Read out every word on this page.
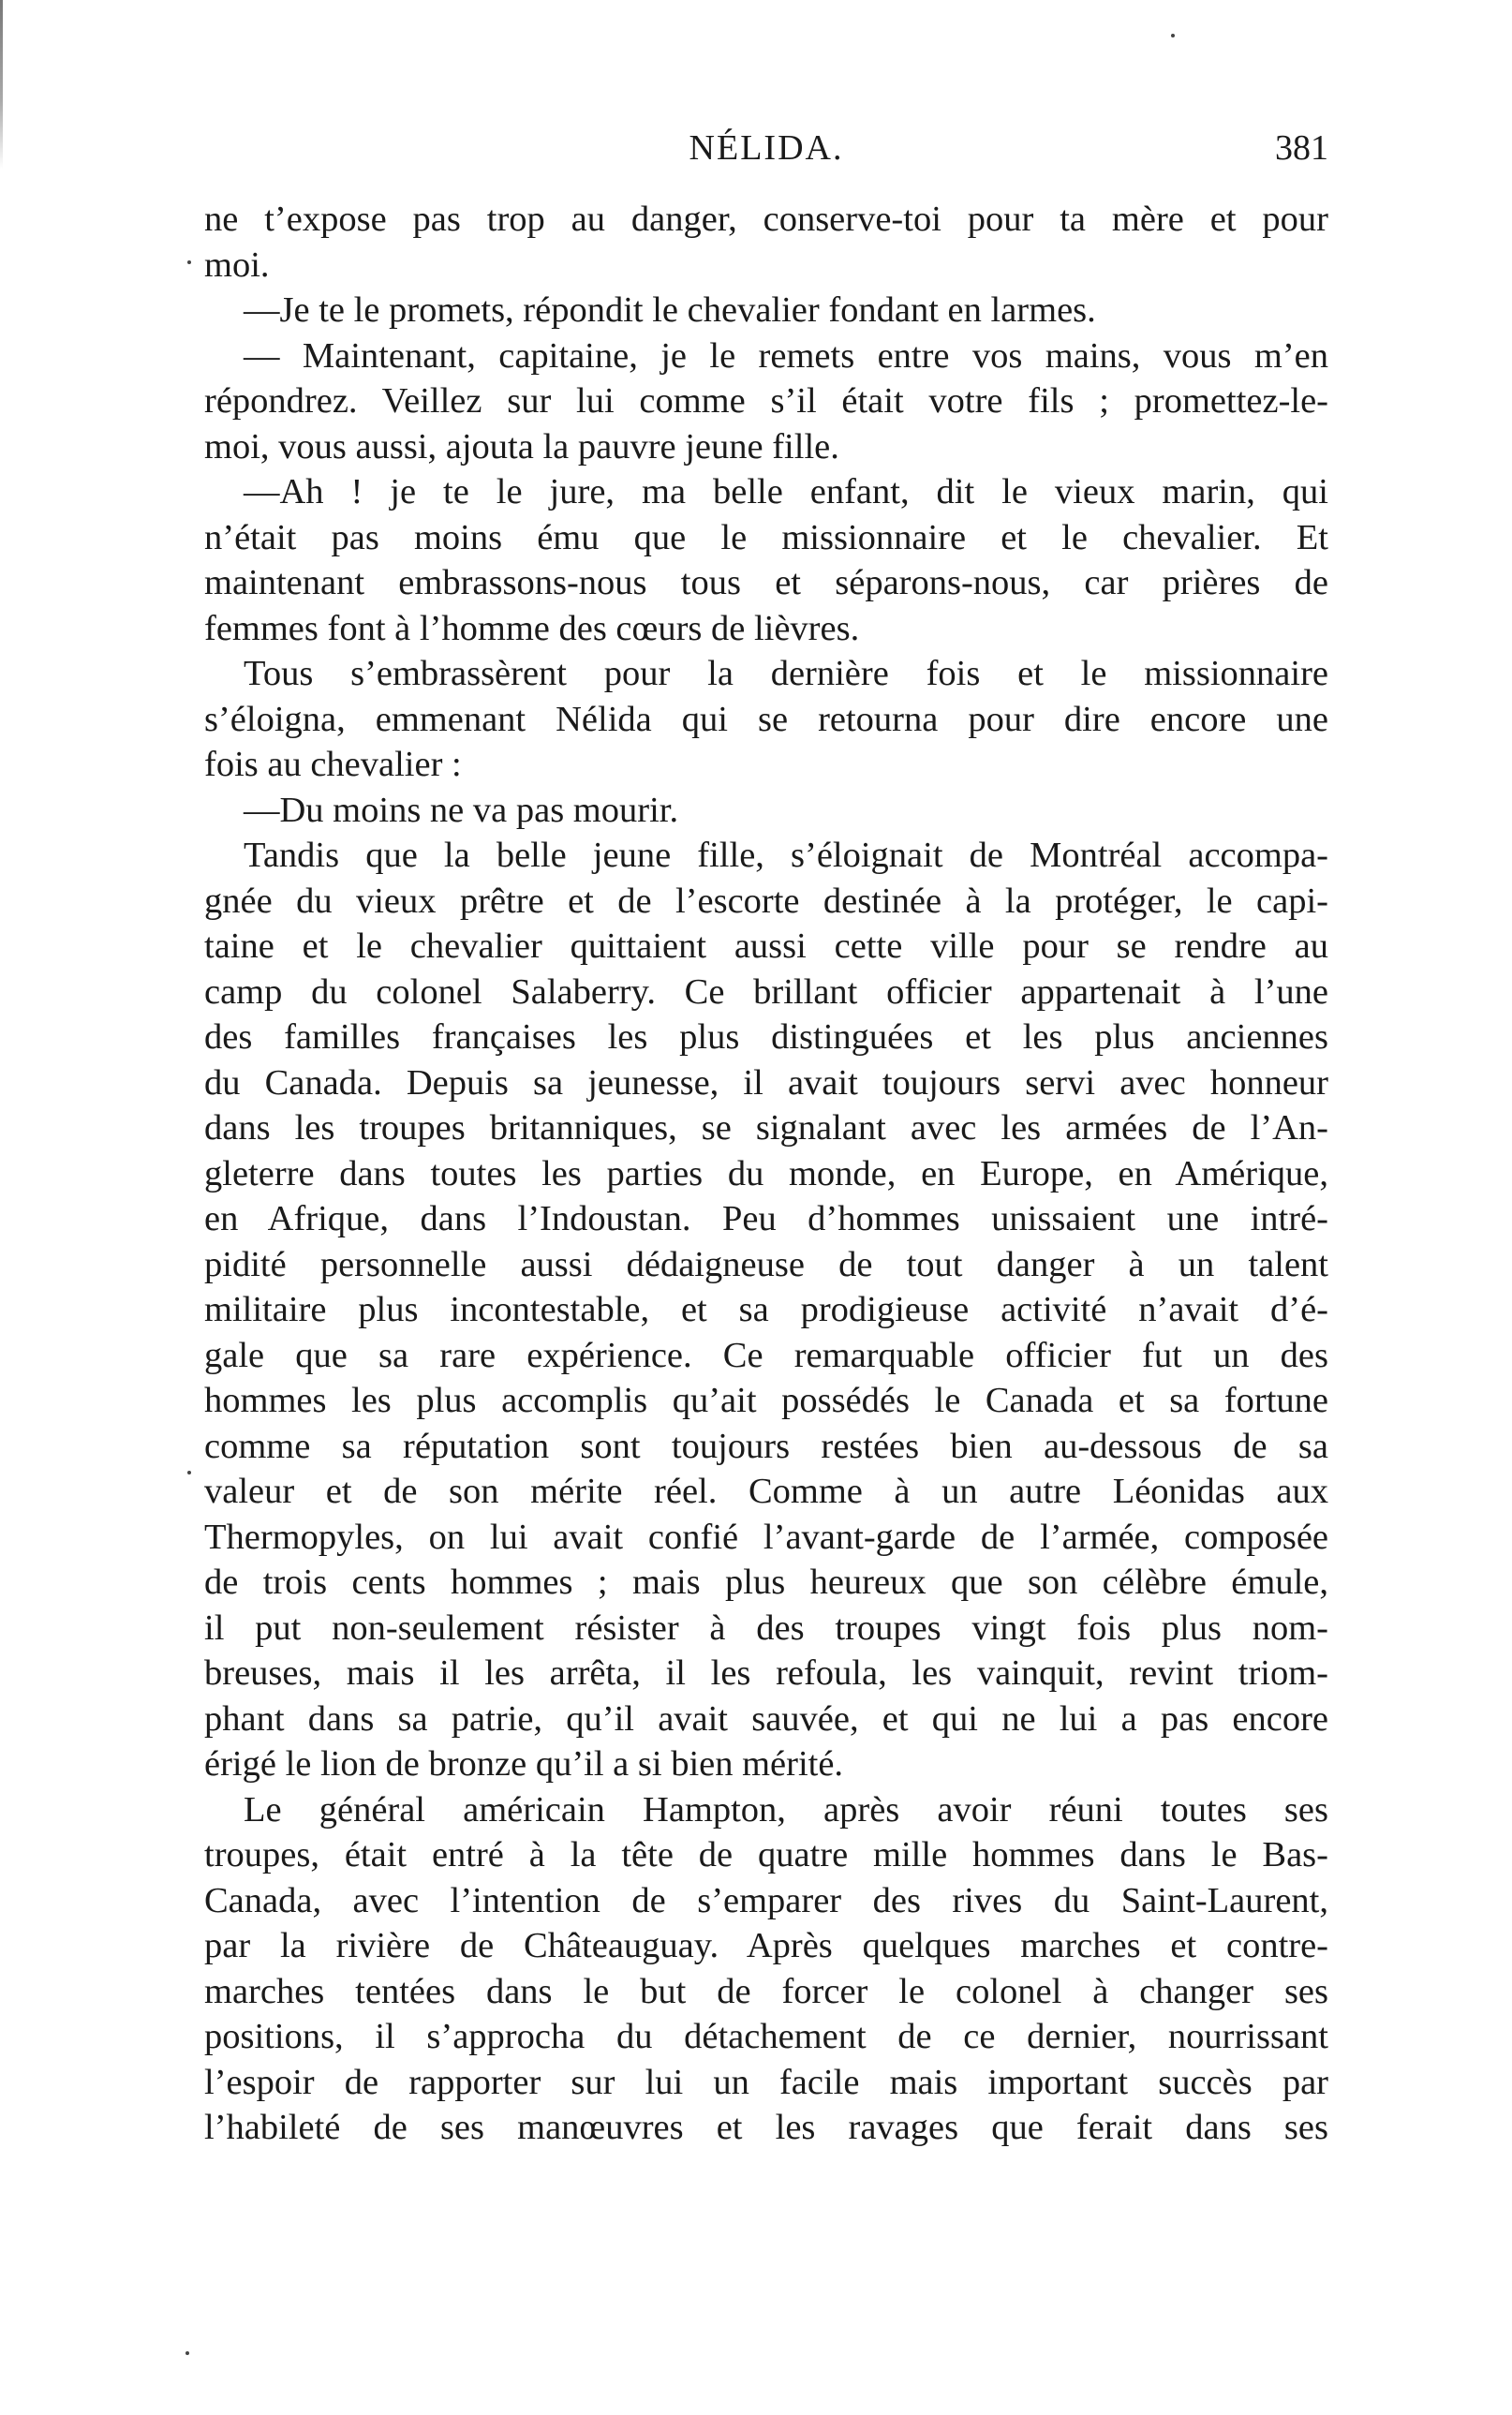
NÉLIDA.	381
ne t’expose pas trop au danger, conserve-toi pour ta mère et pour
moi.
—Je te le promets, répondit le chevalier fondant en larmes.
— Maintenant, capitaine, je le remets entre vos mains, vous m’en
répondrez. Veillez sur lui comme s’il était votre fils ; promettez-le-
moi, vous aussi, ajouta la pauvre jeune fille.
—Ah ! je te le jure, ma belle enfant, dit le vieux marin, qui
n’était pas moins ému que le missionnaire et le chevalier. Et
maintenant embrassons-nous tous et séparons-nous, car prières de
femmes font à l’homme des cœurs de lièvres.
Tous s’embrassèrent pour la dernière fois et le missionnaire
s’éloigna, emmenant Nélida qui se retourna pour dire encore une
fois au chevalier :
—Du moins ne va pas mourir.
Tandis que la belle jeune fille, s’éloignait de Montréal accompa-
gnée du vieux prêtre et de l’escorte destinée à la protéger, le capi-
taine et le chevalier quittaient aussi cette ville pour se rendre au
camp du colonel Salaberry. Ce brillant officier appartenait à l’une
des familles françaises les plus distinguées et les plus anciennes
du Canada. Depuis sa jeunesse, il avait toujours servi avec honneur
dans les troupes britanniques, se signalant avec les armées de l’An-
gleterre dans toutes les parties du monde, en Europe, en Amérique,
en Afrique, dans l’Indoustan. Peu d’hommes unissaient une intré-
pidité personnelle aussi dédaigneuse de tout danger à un talent
militaire plus incontestable, et sa prodigieuse activité n’avait d’é-
gale que sa rare expérience. Ce remarquable officier fut un des
hommes les plus accomplis qu’ait possédés le Canada et sa fortune
comme sa réputation sont toujours restées bien au-dessous de sa
valeur et de son mérite réel. Comme à un autre Léonidas aux
Thermopyles, on lui avait confié l’avant-garde de l’armée, composée
de trois cents hommes ; mais plus heureux que son célèbre émule,
il put non-seulement résister à des troupes vingt fois plus nom-
breuses, mais il les arrêta, il les refoula, les vainquit, revint triom-
phant dans sa patrie, qu’il avait sauvée, et qui ne lui a pas encore
érigé le lion de bronze qu’il a si bien mérité.
Le général américain Hampton, après avoir réuni toutes ses
troupes, était entré à la tête de quatre mille hommes dans le Bas-
Canada, avec l’intention de s’emparer des rives du Saint-Laurent,
par la rivière de Châteauguay. Après quelques marches et contre-
marches tentées dans le but de forcer le colonel à changer ses
positions, il s’approcha du détachement de ce dernier, nourrissant
l’espoir de rapporter sur lui un facile mais important succès par
l’habileté de ses manœuvres et les ravages que ferait dans ses
